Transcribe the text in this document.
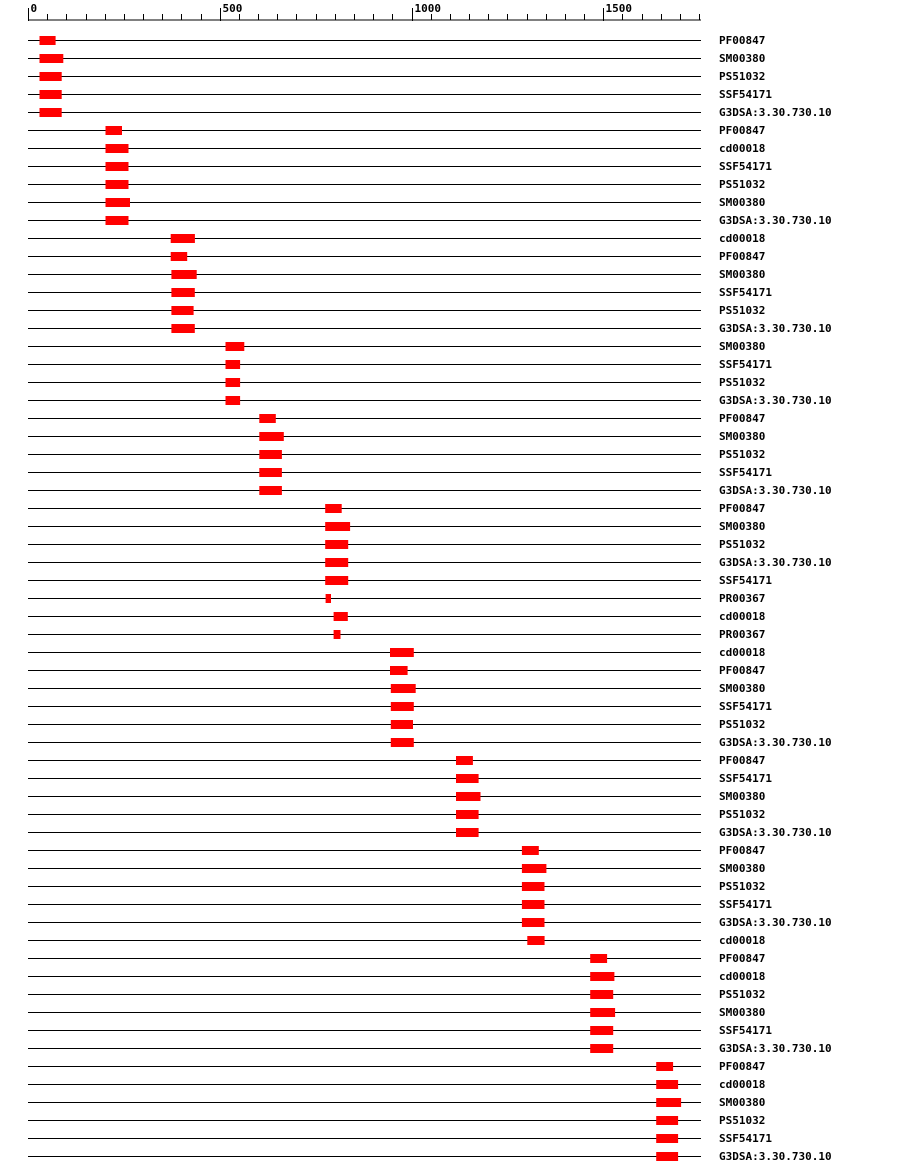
0	500	1000	1500
PF00847
SM00380
PS51032
SSF54171
G3DSA:3.30.730.10
PF00847
cd00018
SSF54171
PS51032
SM00380
G3DSA:3.30.730.10
cd00018
PF00847
SM00380
SSF54171
PS51032
G3DSA:3.30.730.10
SM00380
SSF54171
PS51032
G3DSA:3.30.730.10
PF00847
SM00380
PS51032
SSF54171
G3DSA:3.30.730.10
PF00847
SM00380
PS51032
G3DSA:3.30.730.10
SSF54171
PR00367
cd00018
PR00367
cd00018
PF00847
SM00380
SSF54171
PS51032
G3DSA:3.30.730.10
PF00847
SSF54171
SM00380
PS51032
G3DSA:3.30.730.10
PF00847
SM00380
PS51032
SSF54171
G3DSA:3.30.730.10
cd00018
PF00847
cd00018
PS51032
SM00380
SSF54171
G3DSA:3.30.730.10
PF00847
cd00018
SM00380
PS51032
SSF54171
G3DSA:3.30.730.10
